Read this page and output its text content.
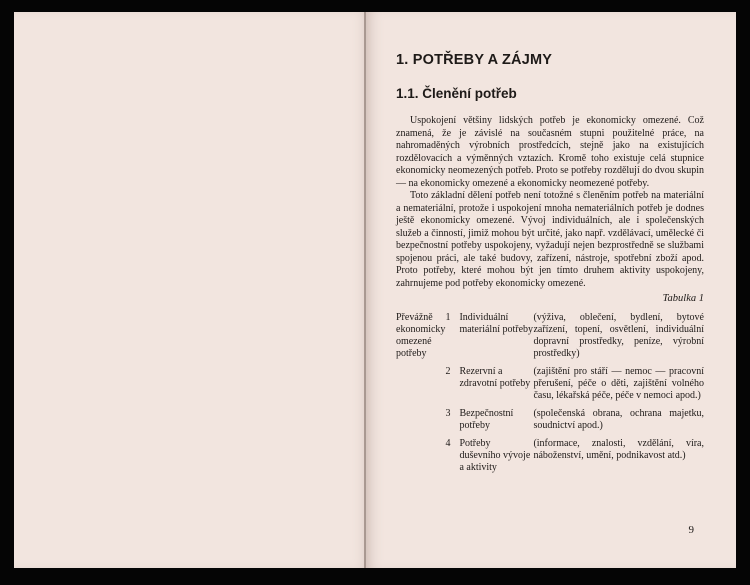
1. POTŘEBY A ZÁJMY
1.1. Členění potřeb

Uspokojení většiny lidských potřeb je ekonomicky omezené. Což znamená, že je závislé na současném stupni použitelné práce, na nahromaděných výrobních prostředcích, stejně jako na existujících rozdělovacích a výměnných vztazích. Kromě toho existuje celá stupnice ekonomicky neomezených potřeb. Proto se potřeby rozdělují do dvou skupin — na ekonomicky omezené a ekonomicky neomezené potřeby.

Toto základní dělení potřeb není totožné s členěním potřeb na materiální a nemateriální, protože i uspokojení mnoha nemateriálních potřeb je dodnes ještě ekonomicky omezené. Vývoj individuálních, ale i společenských služeb a činností, jimiž mohou být určité, jako např. vzdělávací, umělecké či bezpečnostní potřeby uspokojeny, vyžadují nejen bezprostředně se službami spojenou práci, ale také budovy, zařízení, nástroje, spotřební zboží apod. Proto potřeby, které mohou být jen tímto druhem aktivity uspokojeny, zahrnujeme pod potřeby ekonomicky omezené.

Tabulka 1
Převážně ekonomicky omezené potřeby	1	Individuální materiální potřeby	(výživa, oblečení, bydlení, bytové zařízení, topení, osvětlení, individuální dopravní prostředky, peníze, výrobní prostředky)
	2	Rezervní a zdravotní potřeby	(zajištění pro stáří — nemoc — pracovní přerušení, péče o děti, zajištění volného času, lékařská péče, péče v nemoci apod.)
	3	Bezpečnostní potřeby	(společenská obrana, ochrana majetku, soudnictví apod.)
	4	Potřeby duševního vývoje a aktivity	(informace, znalosti, vzdělání, víra, náboženství, umění, podnikavost atd.)
9
